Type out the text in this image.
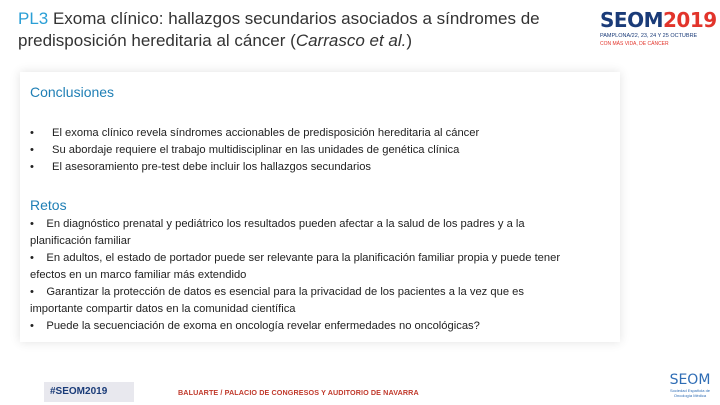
PL3 Exoma clínico: hallazgos secundarios asociados a síndromes de predisposición hereditaria al cáncer (Carrasco et al.)
SEOM2019
PAMPLONA/22, 23, 24 Y 25 OCTUBRE
CON MÁS VIDA, DE CÁNCER
Conclusiones
• El exoma clínico revela síndromes accionables de predisposición hereditaria al cáncer
• Su abordaje requiere el trabajo multidisciplinar en las unidades de genética clínica
• El asesoramiento pre-test debe incluir los hallazgos secundarios
Retos

• En diagnóstico prenatal y pediátrico los resultados pueden afectar a la salud de los padres y a la planificación familiar

• En adultos, el estado de portador puede ser relevante para la planificación familiar propia y puede tener efectos en un marco familiar más extendido

• Garantizar la protección de datos es esencial para la privacidad de los pacientes a la vez que es importante compartir datos en la comunidad científica

• Puede la secuenciación de exoma en oncología revelar enfermedades no oncológicas?

#SEOM2019	BALUARTE / PALACIO DE CONGRESOS Y AUDITORIO DE NAVARRA
SEOM
Sociedad Española de Oncología Médica
